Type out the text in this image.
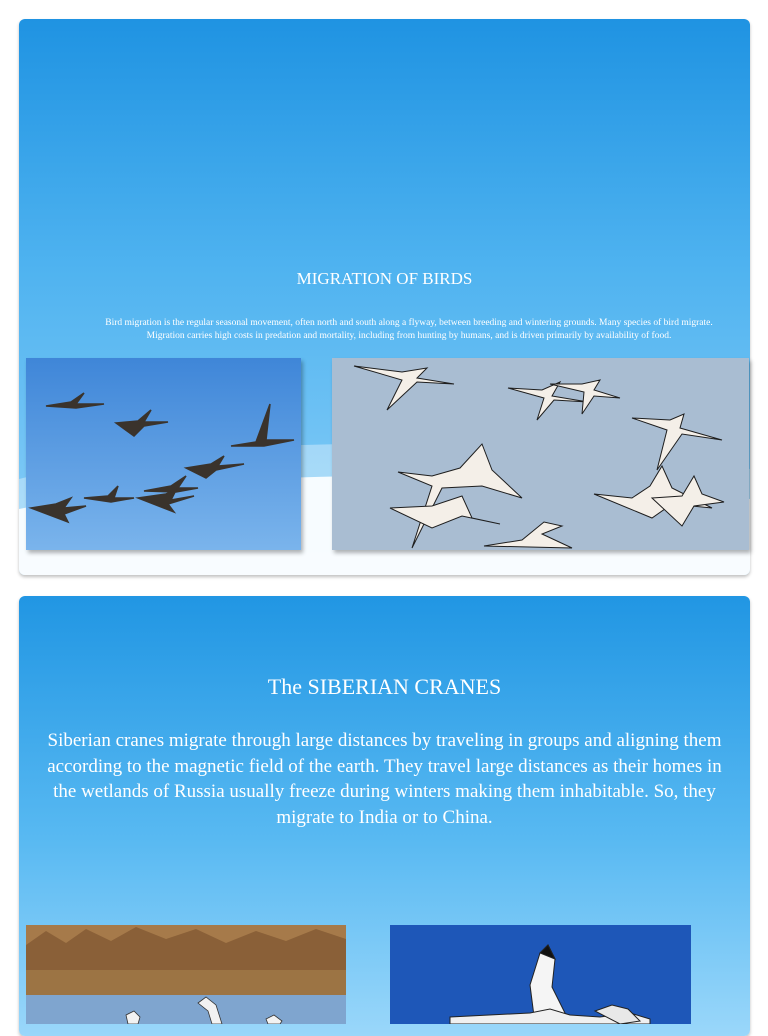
MIGRATION OF BIRDS
Bird migration is the regular seasonal movement, often north and south along a flyway, between breeding and wintering grounds. Many species of bird migrate. Migration carries high costs in predation and mortality, including from hunting by humans, and is driven primarily by availability of food.
The SIBERIAN CRANES
Siberian cranes migrate through large distances by traveling in groups and aligning them according to the magnetic field of the earth. They travel large distances as their homes in the wetlands of Russia usually freeze during winters making them inhabitable. So, they migrate to India or to China.
